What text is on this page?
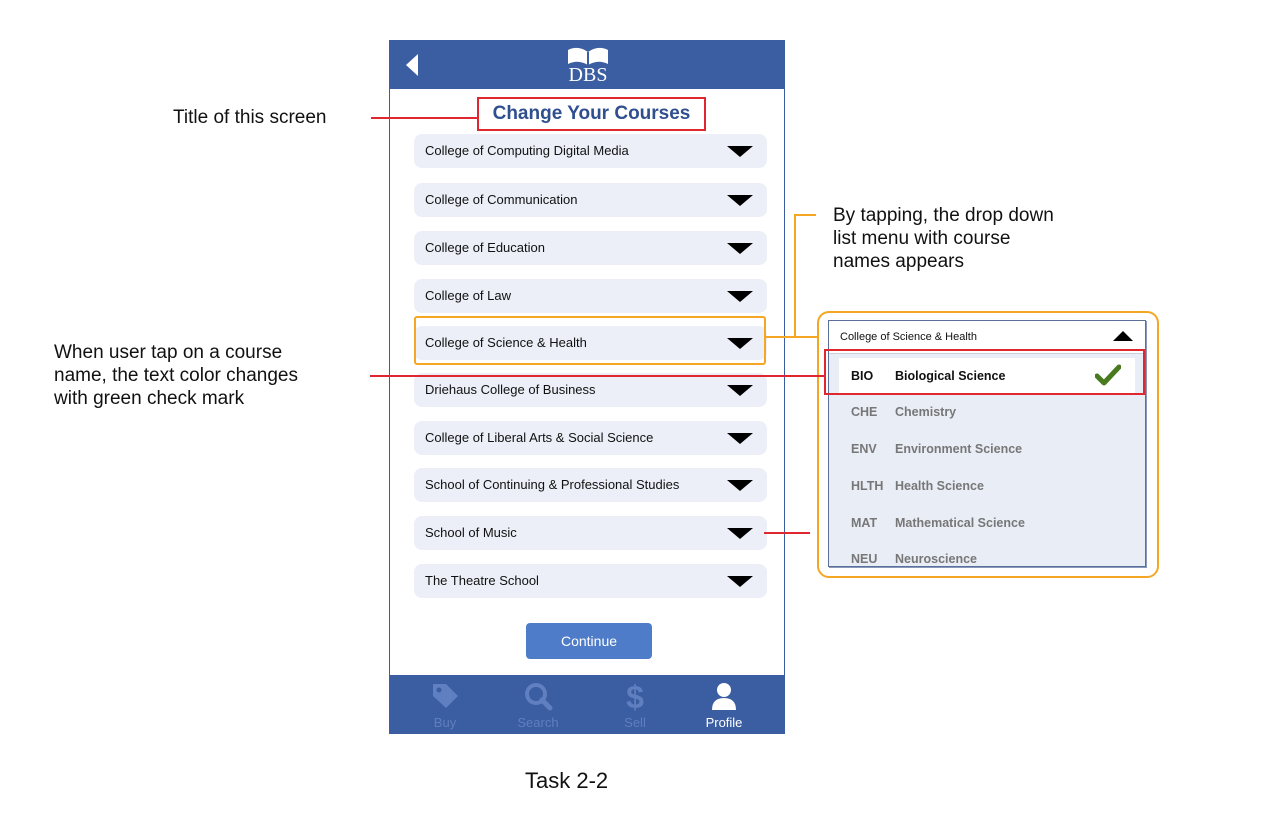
DBS
Change Your Courses
College of Computing Digital Media
College of Communication
College of Education
College of Law
College of Science & Health
Driehaus College of Business
College of Liberal Arts & Social Science
School of Continuing & Professional Studies
School of Music
The Theatre School
Continue
Buy	Search
$
Sell	Profile
College of Science & Health
BIO Biological Science
CHE Chemistry
ENV Environment Science
HLTH Health Science
MAT Mathematical Science
NEU Neuroscience
Title of this screen
When user tap on a course
name, the text color changes
with green check mark
By tapping, the drop down
list menu with course
names appears
Task 2-2
